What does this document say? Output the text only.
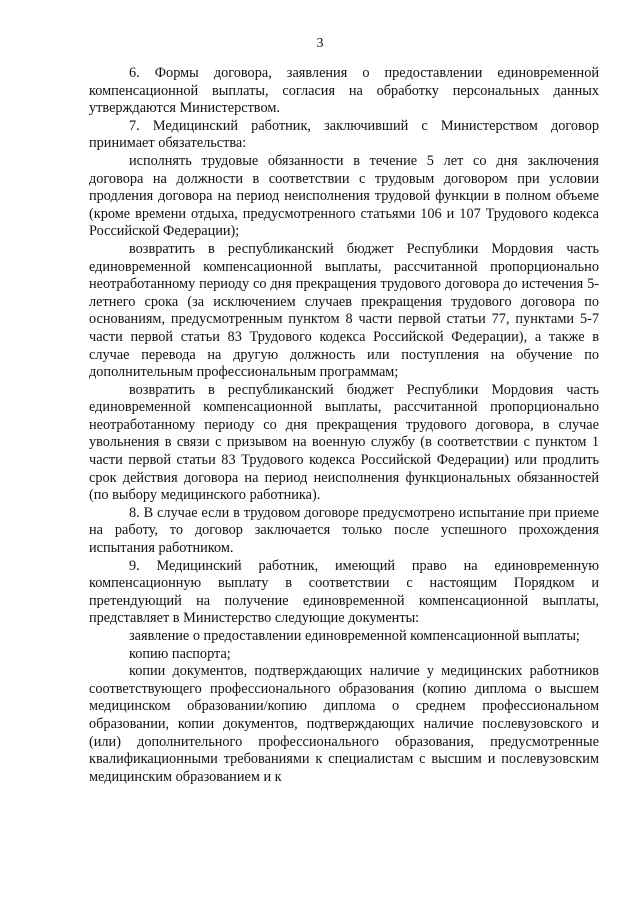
3

6. Формы договора, заявления о предоставлении единовременной компенсационной выплаты, согласия на обработку персональных данных утверждаются Министерством.

7. Медицинский работник, заключивший с Министерством договор принимает обязательства:

исполнять трудовые обязанности в течение 5 лет со дня заключения договора на должности в соответствии с трудовым договором при условии продления договора на период неисполнения трудовой функции в полном объеме (кроме времени отдыха, предусмотренного статьями 106 и 107 Трудового кодекса Российской Федерации);

возвратить в республиканский бюджет Республики Мордовия часть единовременной компенсационной выплаты, рассчитанной пропорционально неотработанному периоду со дня прекращения трудового договора до истечения 5-летнего срока (за исключением случаев прекращения трудового договора по основаниям, предусмотренным пунктом 8 части первой статьи 77, пунктами 5-7 части первой статьи 83 Трудового кодекса Российской Федерации), а также в случае перевода на другую должность или поступления на обучение по дополнительным профессиональным программам;

возвратить в республиканский бюджет Республики Мордовия часть единовременной компенсационной выплаты, рассчитанной пропорционально неотработанному периоду со дня прекращения трудового договора, в случае увольнения в связи с призывом на военную службу (в соответствии с пунктом 1 части первой статьи 83 Трудового кодекса Российской Федерации) или продлить срок действия договора на период неисполнения функциональных обязанностей (по выбору медицинского работника).

8. В случае если в трудовом договоре предусмотрено испытание при приеме на работу, то договор заключается только после успешного прохождения испытания работником.

9. Медицинский работник, имеющий право на единовременную компенсационную выплату в соответствии с настоящим Порядком и претендующий на получение единовременной компенсационной выплаты, представляет в Министерство следующие документы:

заявление о предоставлении единовременной компенсационной выплаты;

копию паспорта;

копии документов, подтверждающих наличие у медицинских работников соответствующего профессионального образования (копию диплома о высшем медицинском образовании/копию диплома о среднем профессиональном образовании, копии документов, подтверждающих наличие послевузовского и (или) дополнительного профессионального образования, предусмотренные квалификационными требованиями к специалистам с высшим и послевузовским медицинским образованием и к
